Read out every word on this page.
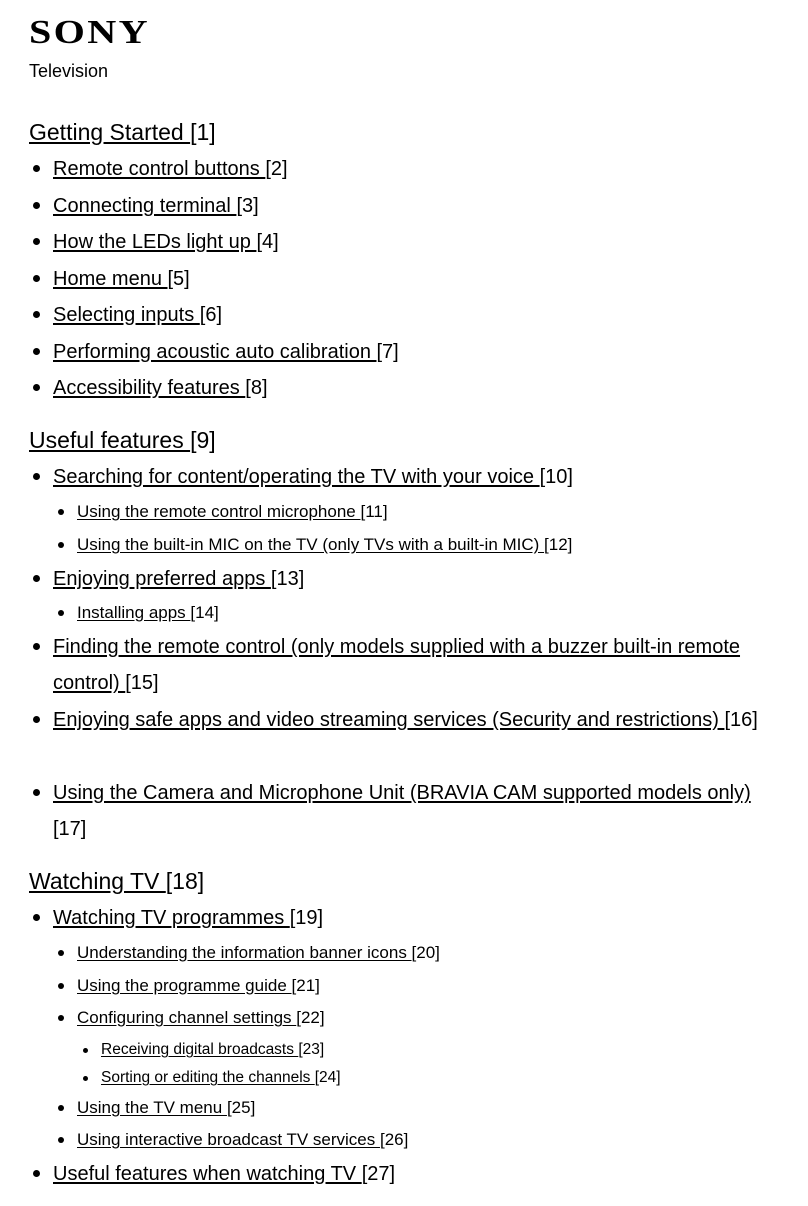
SONY
Television
Getting Started [1]
Remote control buttons [2]
Connecting terminal [3]
How the LEDs light up [4]
Home menu [5]
Selecting inputs [6]
Performing acoustic auto calibration [7]
Accessibility features [8]
Useful features [9]
Searching for content/operating the TV with your voice [10]
Using the remote control microphone [11]
Using the built-in MIC on the TV (only TVs with a built-in MIC) [12]
Enjoying preferred apps [13]
Installing apps [14]
Finding the remote control (only models supplied with a buzzer built-in remote control) [15]
Enjoying safe apps and video streaming services (Security and restrictions) [16]
Using the Camera and Microphone Unit (BRAVIA CAM supported models only) [17]
Watching TV [18]
Watching TV programmes [19]
Understanding the information banner icons [20]
Using the programme guide [21]
Configuring channel settings [22]
Receiving digital broadcasts [23]
Sorting or editing the channels [24]
Using the TV menu [25]
Using interactive broadcast TV services [26]
Useful features when watching TV [27]
